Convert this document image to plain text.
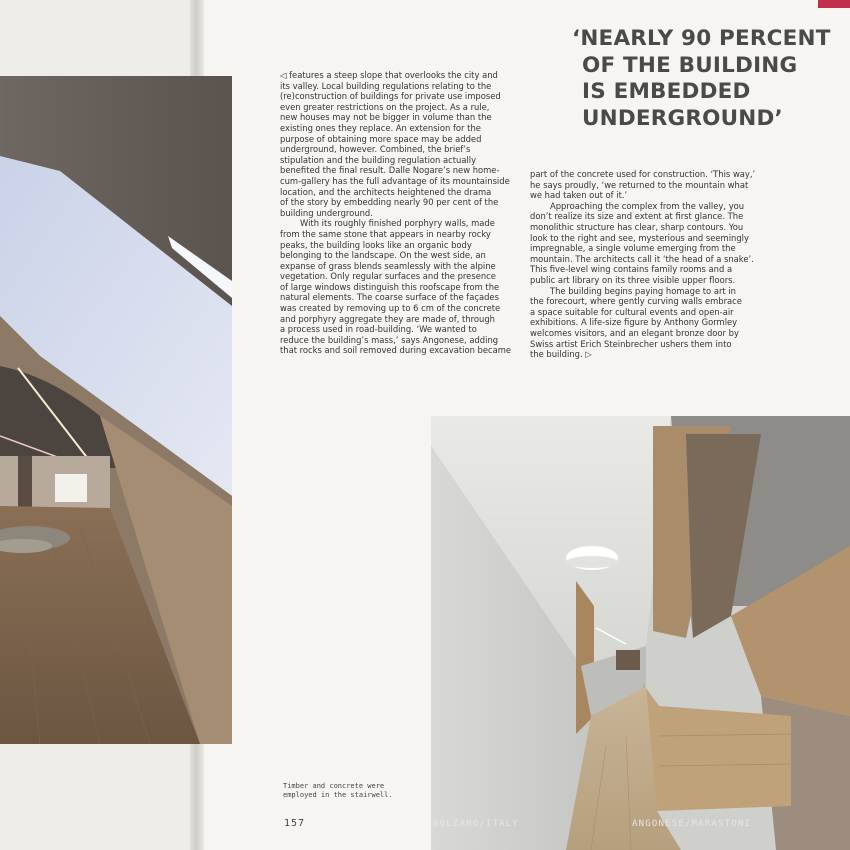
‘NEARLY 90 PERCENT
OF THE BUILDING
IS EMBEDDED
UNDERGROUND’

◁ features a steep slope that overlooks the city and
its valley. Local building regulations relating to the
(re)construction of buildings for private use imposed
even greater restrictions on the project. As a rule,
new houses may not be bigger in volume than the
existing ones they replace. An extension for the
purpose of obtaining more space may be added
underground, however. Combined, the brief’s
stipulation and the building regulation actually
benefited the final result. Dalle Nogare’s new home-
cum-gallery has the full advantage of its mountainside
location, and the architects heightened the drama
of the story by embedding nearly 90 per cent of the
building underground.

With its roughly finished porphyry walls, made
from the same stone that appears in nearby rocky
peaks, the building looks like an organic body
belonging to the landscape. On the west side, an
expanse of grass blends seamlessly with the alpine
vegetation. Only regular surfaces and the presence
of large windows distinguish this roofscape from the
natural elements. The coarse surface of the façades
was created by removing up to 6 cm of the concrete
and porphyry aggregate they are made of, through
a process used in road-building. ‘We wanted to
reduce the building’s mass,’ says Angonese, adding
that rocks and soil removed during excavation became

part of the concrete used for construction. ‘This way,’
he says proudly, ‘we returned to the mountain what
we had taken out of it.’

Approaching the complex from the valley, you
don’t realize its size and extent at first glance. The
monolithic structure has clear, sharp contours. You
look to the right and see, mysterious and seemingly
impregnable, a single volume emerging from the
mountain. The architects call it ‘the head of a snake’.
This five-level wing contains family rooms and a
public art library on its three visible upper floors.

The building begins paying homage to art in
the forecourt, where gently curving walls embrace
a space suitable for cultural events and open-air
exhibitions. A life-size figure by Anthony Gormley
welcomes visitors, and an elegant bronze door by
Swiss artist Erich Steinbrecher ushers them into
the building. ▷

Timber and concrete were
employed in the stairwell.
157	BOLZANO/ITALY	ANGONESE/MARASTONI
